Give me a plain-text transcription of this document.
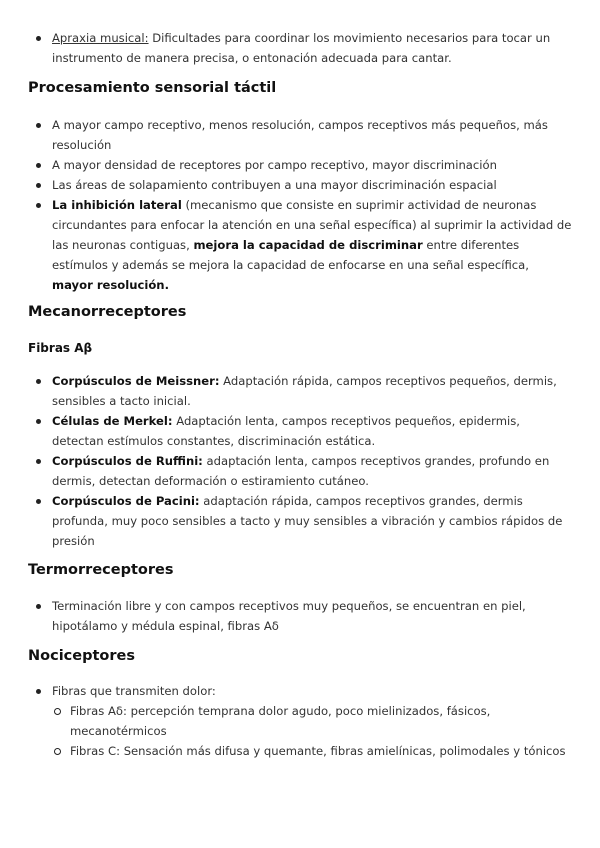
Apraxia musical: Dificultades para coordinar los movimiento necesarios para tocar un instrumento de manera precisa, o entonación adecuada para cantar.
Procesamiento sensorial táctil
A mayor campo receptivo, menos resolución, campos receptivos más pequeños, más resolución
A mayor densidad de receptores por campo receptivo, mayor discriminación
Las áreas de solapamiento contribuyen a una mayor discriminación espacial
La inhibición lateral (mecanismo que consiste en suprimir actividad de neuronas circundantes para enfocar la atención en una señal específica) al suprimir la actividad de las neuronas contiguas, mejora la capacidad de discriminar entre diferentes estímulos y además se mejora la capacidad de enfocarse en una señal específica, mayor resolución.
Mecanorreceptores
Fibras Aβ
Corpúsculos de Meissner: Adaptación rápida, campos receptivos pequeños, dermis, sensibles a tacto inicial.
Células de Merkel: Adaptación lenta, campos receptivos pequeños, epidermis, detectan estímulos constantes, discriminación estática.
Corpúsculos de Ruffini: adaptación lenta, campos receptivos grandes, profundo en dermis, detectan deformación o estiramiento cutáneo.
Corpúsculos de Pacini: adaptación rápida, campos receptivos grandes, dermis profunda, muy poco sensibles a tacto y muy sensibles a vibración y cambios rápidos de presión
Termorreceptores
Terminación libre y con campos receptivos muy pequeños, se encuentran en piel, hipotálamo y médula espinal, fibras Aδ
Nociceptores
Fibras que transmiten dolor:
Fibras Aδ: percepción temprana dolor agudo, poco mielinizados, fásicos, mecanotérmicos
Fibras C: Sensación más difusa y quemante, fibras amielínicas, polimodales y tónicos
